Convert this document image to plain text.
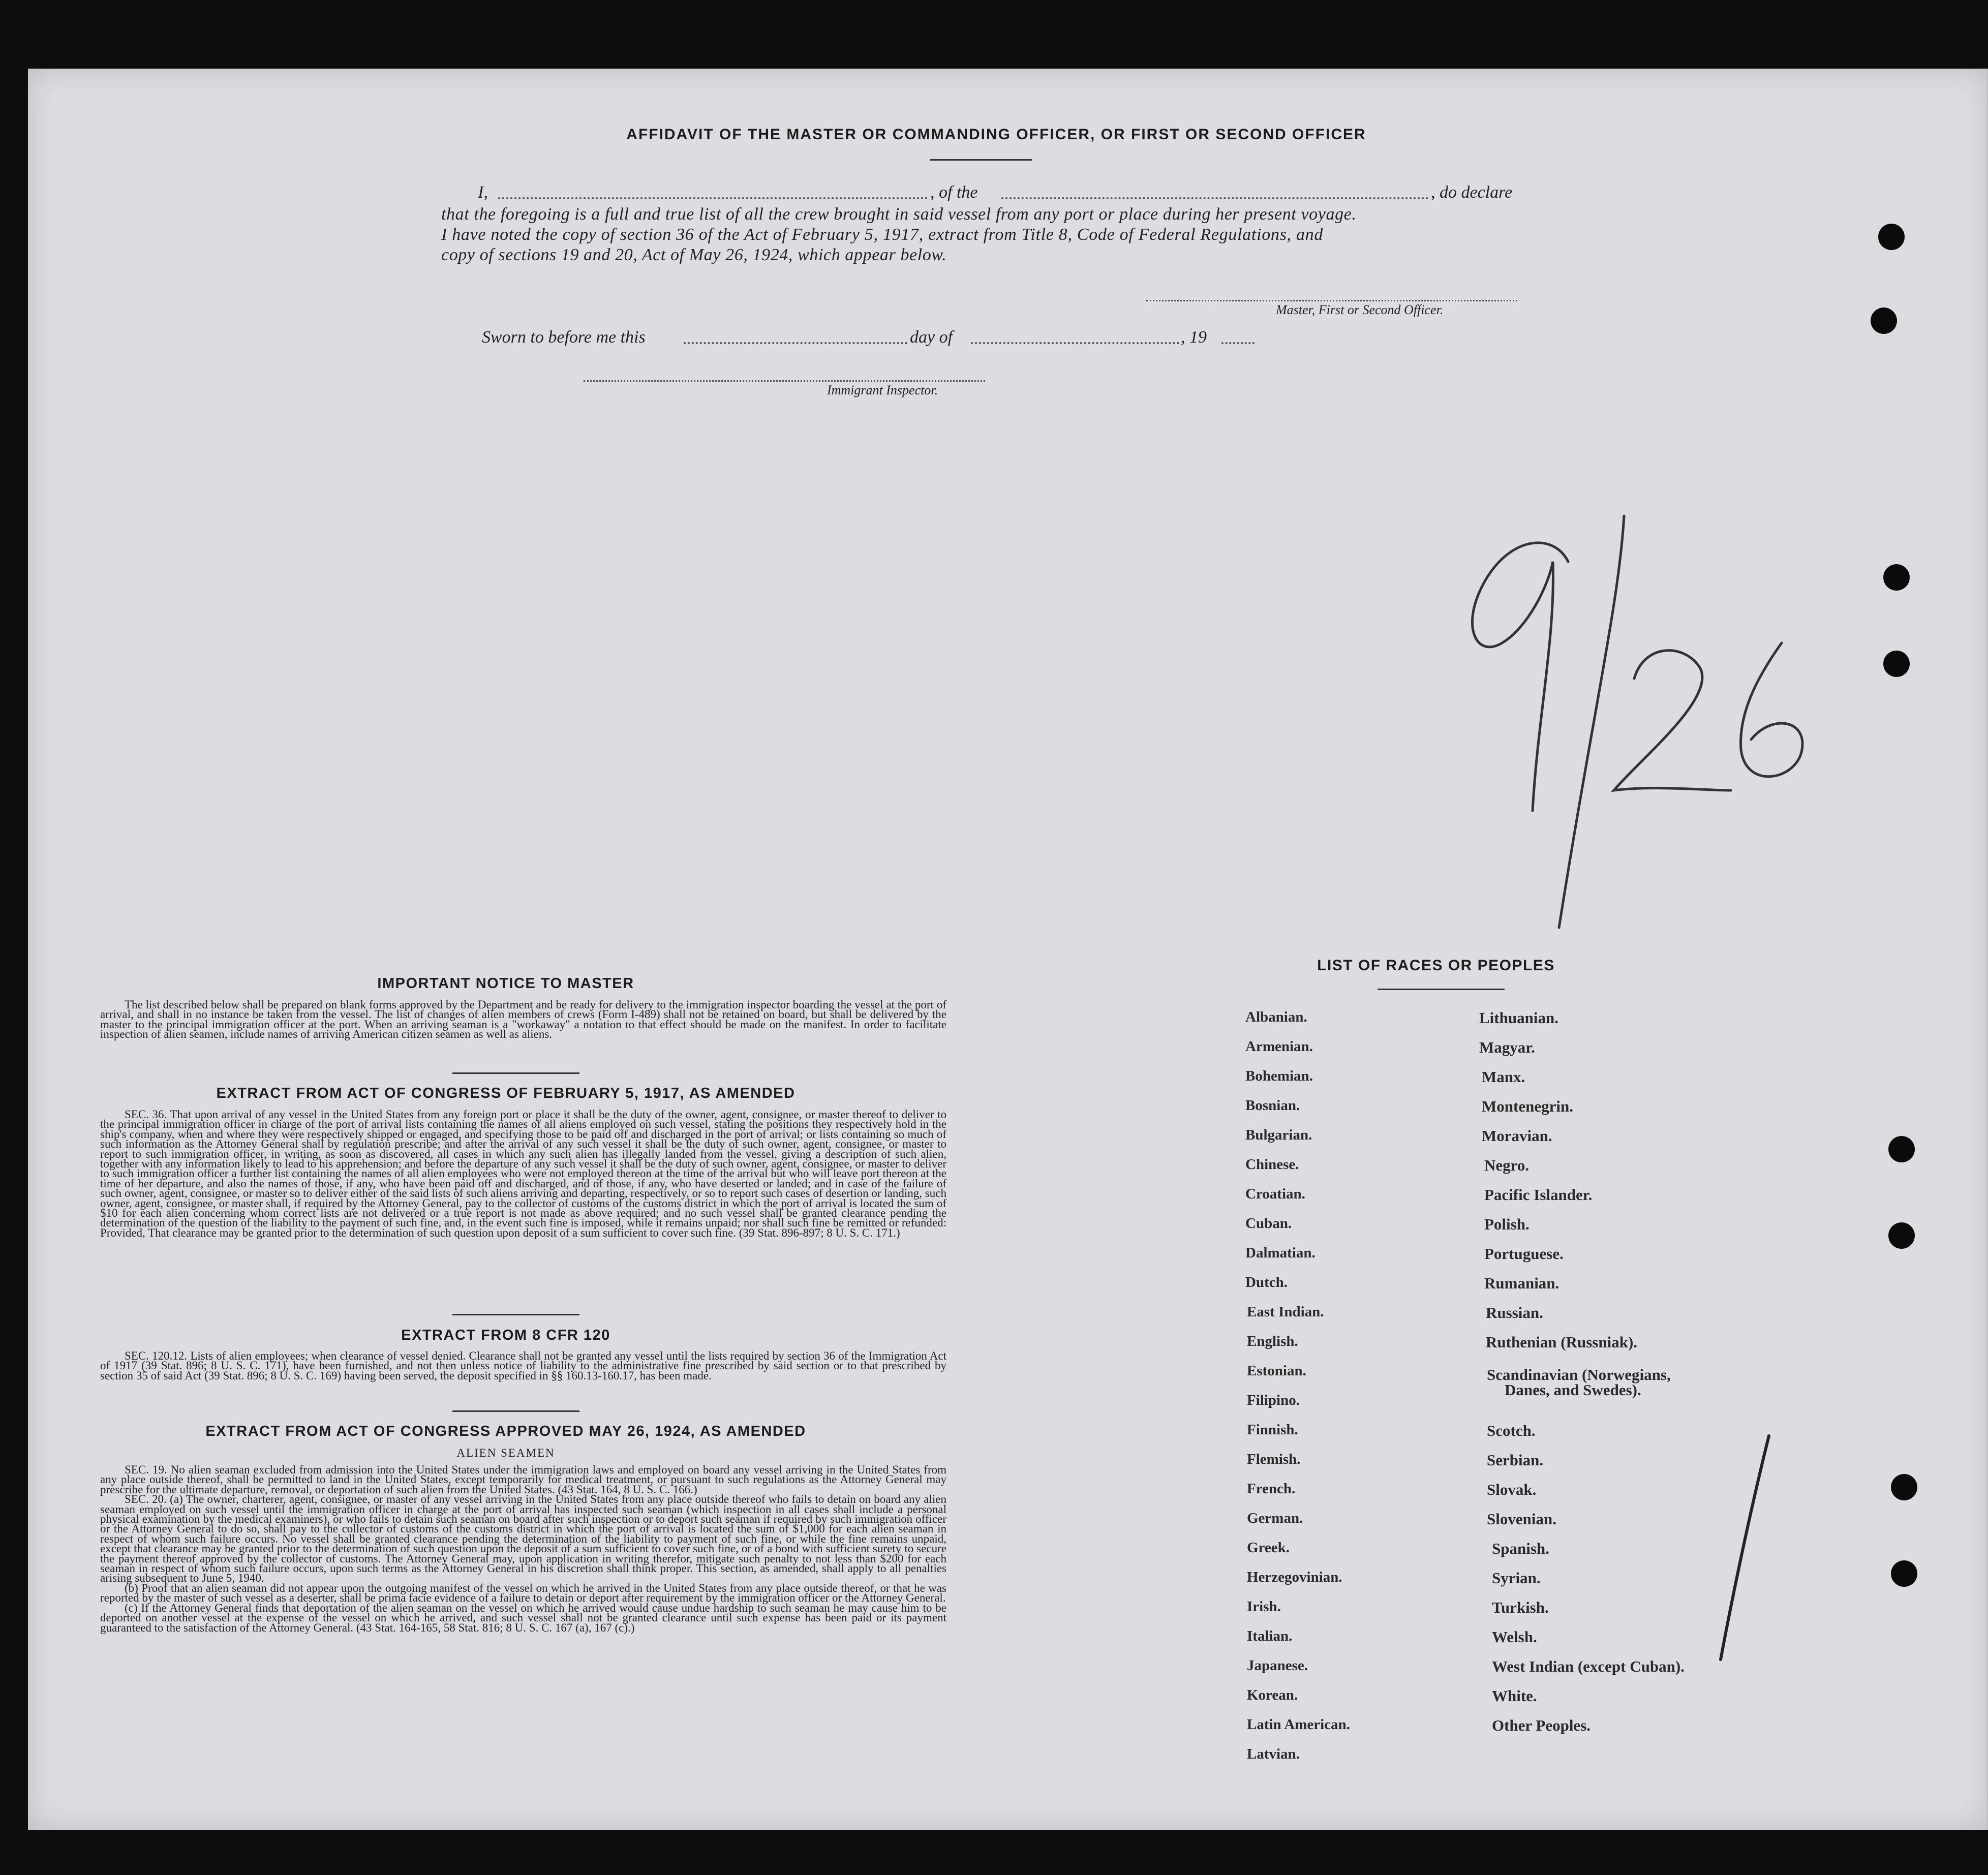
AFFIDAVIT OF THE MASTER OR COMMANDING OFFICER, OR FIRST OR SECOND OFFICER
I,	, of the	, do declare
that the foregoing is a full and true list of all the crew brought in said vessel from any port or place during her present voyage.
I have noted the copy of section 36 of the Act of February 5, 1917, extract from Title 8, Code of Federal Regulations, and
copy of sections 19 and 20, Act of May 26, 1924, which appear below.
Master, First or Second Officer.
Sworn to before me this	day of	, 19
Immigrant Inspector.
9/26
/
IMPORTANT NOTICE TO MASTER

The list described below shall be prepared on blank forms approved by the Department and be ready for delivery to the immigration inspector boarding the vessel at the port of arrival, and shall in no instance be taken from the vessel. The list of changes of alien members of crews (Form I-489) shall not be retained on board, but shall be delivered by the master to the principal immigration officer at the port. When an arriving seaman is a "workaway" a notation to that effect should be made on the manifest. In order to facilitate inspection of alien seamen, include names of arriving American citizen seamen as well as aliens.

EXTRACT FROM ACT OF CONGRESS OF FEBRUARY 5, 1917, AS AMENDED

SEC. 36. That upon arrival of any vessel in the United States from any foreign port or place it shall be the duty of the owner, agent, consignee, or master thereof to deliver to the principal immigration officer in charge of the port of arrival lists containing the names of all aliens employed on such vessel, stating the positions they respectively hold in the ship's company, when and where they were respectively shipped or engaged, and specifying those to be paid off and discharged in the port of arrival; or lists containing so much of such information as the Attorney General shall by regulation prescribe; and after the arrival of any such vessel it shall be the duty of such owner, agent, consignee, or master to report to such immigration officer, in writing, as soon as discovered, all cases in which any such alien has illegally landed from the vessel, giving a description of such alien, together with any information likely to lead to his apprehension; and before the departure of any such vessel it shall be the duty of such owner, agent, consignee, or master to deliver to such immigration officer a further list containing the names of all alien employees who were not employed thereon at the time of the arrival but who will leave port thereon at the time of her departure, and also the names of those, if any, who have been paid off and discharged, and of those, if any, who have deserted or landed; and in case of the failure of such owner, agent, consignee, or master so to deliver either of the said lists of such aliens arriving and departing, respectively, or so to report such cases of desertion or landing, such owner, agent, consignee, or master shall, if required by the Attorney General, pay to the collector of customs of the customs district in which the port of arrival is located the sum of $10 for each alien concerning whom correct lists are not delivered or a true report is not made as above required; and no such vessel shall be granted clearance pending the determination of the question of the liability to the payment of such fine, and, in the event such fine is imposed, while it remains unpaid; nor shall such fine be remitted or refunded: Provided, That clearance may be granted prior to the determination of such question upon deposit of a sum sufficient to cover such fine. (39 Stat. 896-897; 8 U. S. C. 171.)

EXTRACT FROM 8 CFR 120

SEC. 120.12. Lists of alien employees; when clearance of vessel denied. Clearance shall not be granted any vessel until the lists required by section 36 of the Immigration Act of 1917 (39 Stat. 896; 8 U. S. C. 171), have been furnished, and not then unless notice of liability to the administrative fine prescribed by said section or to that prescribed by section 35 of said Act (39 Stat. 896; 8 U. S. C. 169) having been served, the deposit specified in §§ 160.13-160.17, has been made.

EXTRACT FROM ACT OF CONGRESS APPROVED MAY 26, 1924, AS AMENDED
ALIEN SEAMEN

SEC. 19. No alien seaman excluded from admission into the United States under the immigration laws and employed on board any vessel arriving in the United States from any place outside thereof, shall be permitted to land in the United States, except temporarily for medical treatment, or pursuant to such regulations as the Attorney General may prescribe for the ultimate departure, removal, or deportation of such alien from the United States. (43 Stat. 164, 8 U. S. C. 166.)

SEC. 20. (a) The owner, charterer, agent, consignee, or master of any vessel arriving in the United States from any place outside thereof who fails to detain on board any alien seaman employed on such vessel until the immigration officer in charge at the port of arrival has inspected such seaman (which inspection in all cases shall include a personal physical examination by the medical examiners), or who fails to detain such seaman on board after such inspection or to deport such seaman if required by such immigration officer or the Attorney General to do so, shall pay to the collector of customs of the customs district in which the port of arrival is located the sum of $1,000 for each alien seaman in respect of whom such failure occurs. No vessel shall be granted clearance pending the determination of the liability to payment of such fine, or while the fine remains unpaid, except that clearance may be granted prior to the determination of such question upon the deposit of a sum sufficient to cover such fine, or of a bond with sufficient surety to secure the payment thereof approved by the collector of customs. The Attorney General may, upon application in writing therefor, mitigate such penalty to not less than $200 for each seaman in respect of whom such failure occurs, upon such terms as the Attorney General in his discretion shall think proper. This section, as amended, shall apply to all penalties arising subsequent to June 5, 1940.

(b) Proof that an alien seaman did not appear upon the outgoing manifest of the vessel on which he arrived in the United States from any place outside thereof, or that he was reported by the master of such vessel as a deserter, shall be prima facie evidence of a failure to detain or deport after requirement by the immigration officer or the Attorney General.

(c) If the Attorney General finds that deportation of the alien seaman on the vessel on which he arrived would cause undue hardship to such seaman he may cause him to be deported on another vessel at the expense of the vessel on which he arrived, and such vessel shall not be granted clearance until such expense has been paid or its payment guaranteed to the satisfaction of the Attorney General. (43 Stat. 164-165, 58 Stat. 816; 8 U. S. C. 167 (a), 167 (c).)

LIST OF RACES OR PEOPLES
Albanian.
Armenian.
Bohemian.
Bosnian.
Bulgarian.
Chinese.
Croatian.
Cuban.
Dalmatian.
Dutch.
East Indian.
English.
Estonian.
Filipino.
Finnish.
Flemish.
French.
German.
Greek.
Herzegovinian.
Irish.
Italian.
Japanese.
Korean.
Latin American.
Latvian.
Lithuanian.
Magyar.
Manx.
Montenegrin.
Moravian.
Negro.
Pacific Islander.
Polish.
Portuguese.
Rumanian.
Russian.
Ruthenian (Russniak).
Scandinavian (Norwegians,
Danes, and Swedes).
Scotch.
Serbian.
Slovak.
Slovenian.
Spanish.
Syrian.
Turkish.
Welsh.
West Indian (except Cuban).
White.
Other Peoples.
